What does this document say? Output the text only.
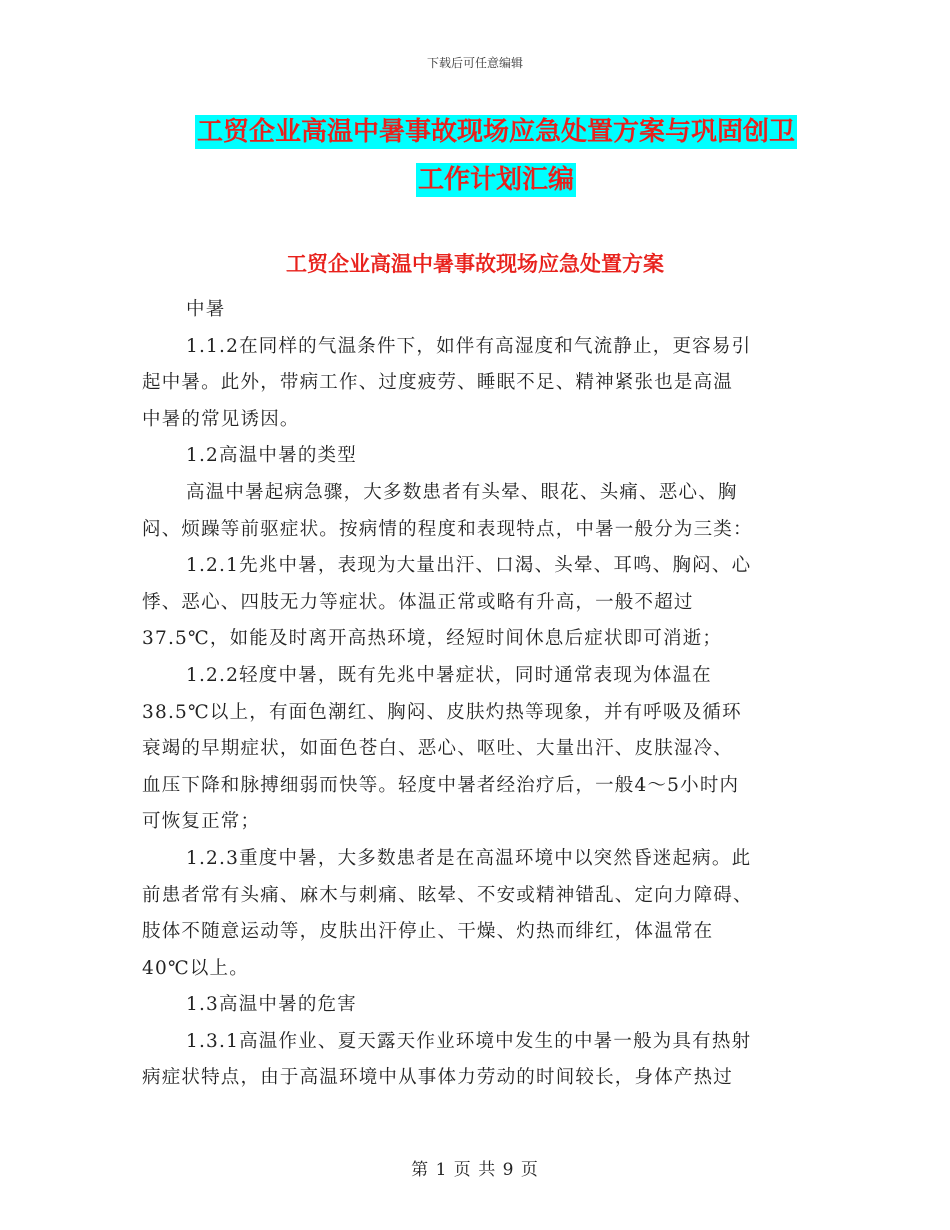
下载后可任意编辑
工贸企业高温中暑事故现场应急处置方案与巩固创卫
工作计划汇编
工贸企业高温中暑事故现场应急处置方案

中暑

1.1.2在同样的气温条件下，如伴有高湿度和气流静止，更容易引

起中暑。此外，带病工作、过度疲劳、睡眠不足、精神紧张也是高温

中暑的常见诱因。

1.2高温中暑的类型

高温中暑起病急骤，大多数患者有头晕、眼花、头痛、恶心、胸

闷、烦躁等前驱症状。按病情的程度和表现特点，中暑一般分为三类：

1.2.1先兆中暑，表现为大量出汗、口渴、头晕、耳鸣、胸闷、心

悸、恶心、四肢无力等症状。体温正常或略有升高，一般不超过

37.5℃，如能及时离开高热环境，经短时间休息后症状即可消逝；

1.2.2轻度中暑，既有先兆中暑症状，同时通常表现为体温在

38.5℃以上，有面色潮红、胸闷、皮肤灼热等现象，并有呼吸及循环

衰竭的早期症状，如面色苍白、恶心、呕吐、大量出汗、皮肤湿冷、

血压下降和脉搏细弱而快等。轻度中暑者经治疗后，一般4～5小时内

可恢复正常；

1.2.3重度中暑，大多数患者是在高温环境中以突然昏迷起病。此

前患者常有头痛、麻木与刺痛、眩晕、不安或精神错乱、定向力障碍、

肢体不随意运动等，皮肤出汗停止、干燥、灼热而绯红，体温常在

40℃以上。

1.3高温中暑的危害

1.3.1高温作业、夏天露天作业环境中发生的中暑一般为具有热射

病症状特点，由于高温环境中从事体力劳动的时间较长，身体产热过

第 1 页 共 9 页
